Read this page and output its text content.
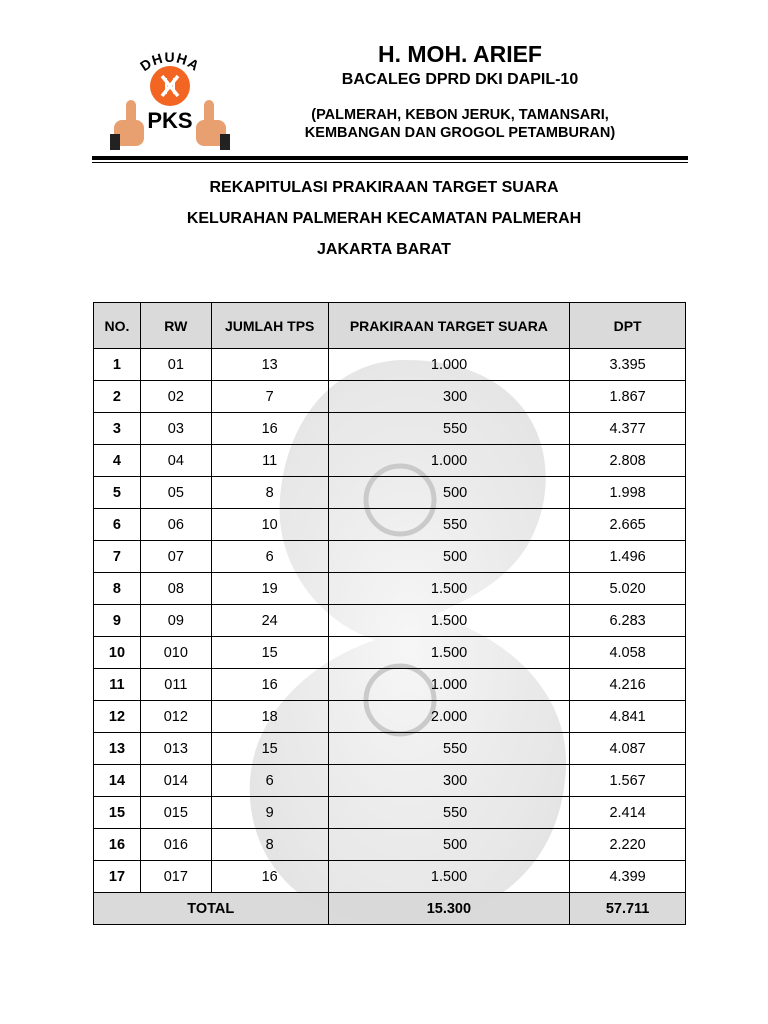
DHUHA
PKS
H. MOH. ARIEF
BACALEG DPRD DKI DAPIL-10
(PALMERAH, KEBON JERUK, TAMANSARI,
KEMBANGAN DAN GROGOL PETAMBURAN)
REKAPITULASI PRAKIRAAN TARGET SUARA
KELURAHAN PALMERAH KECAMATAN PALMERAH
JAKARTA BARAT
NO.	RW	JUMLAH TPS	PRAKIRAAN TARGET SUARA	DPT
1	01	13	1.000	3.395
2	02	7	300	1.867
3	03	16	550	4.377
4	04	11	1.000	2.808
5	05	8	500	1.998
6	06	10	550	2.665
7	07	6	500	1.496
8	08	19	1.500	5.020
9	09	24	1.500	6.283
10	010	15	1.500	4.058
11	011	16	1.000	4.216
12	012	18	2.000	4.841
13	013	15	550	4.087
14	014	6	300	1.567
15	015	9	550	2.414
16	016	8	500	2.220
17	017	16	1.500	4.399
TOTAL			15.300	57.711
